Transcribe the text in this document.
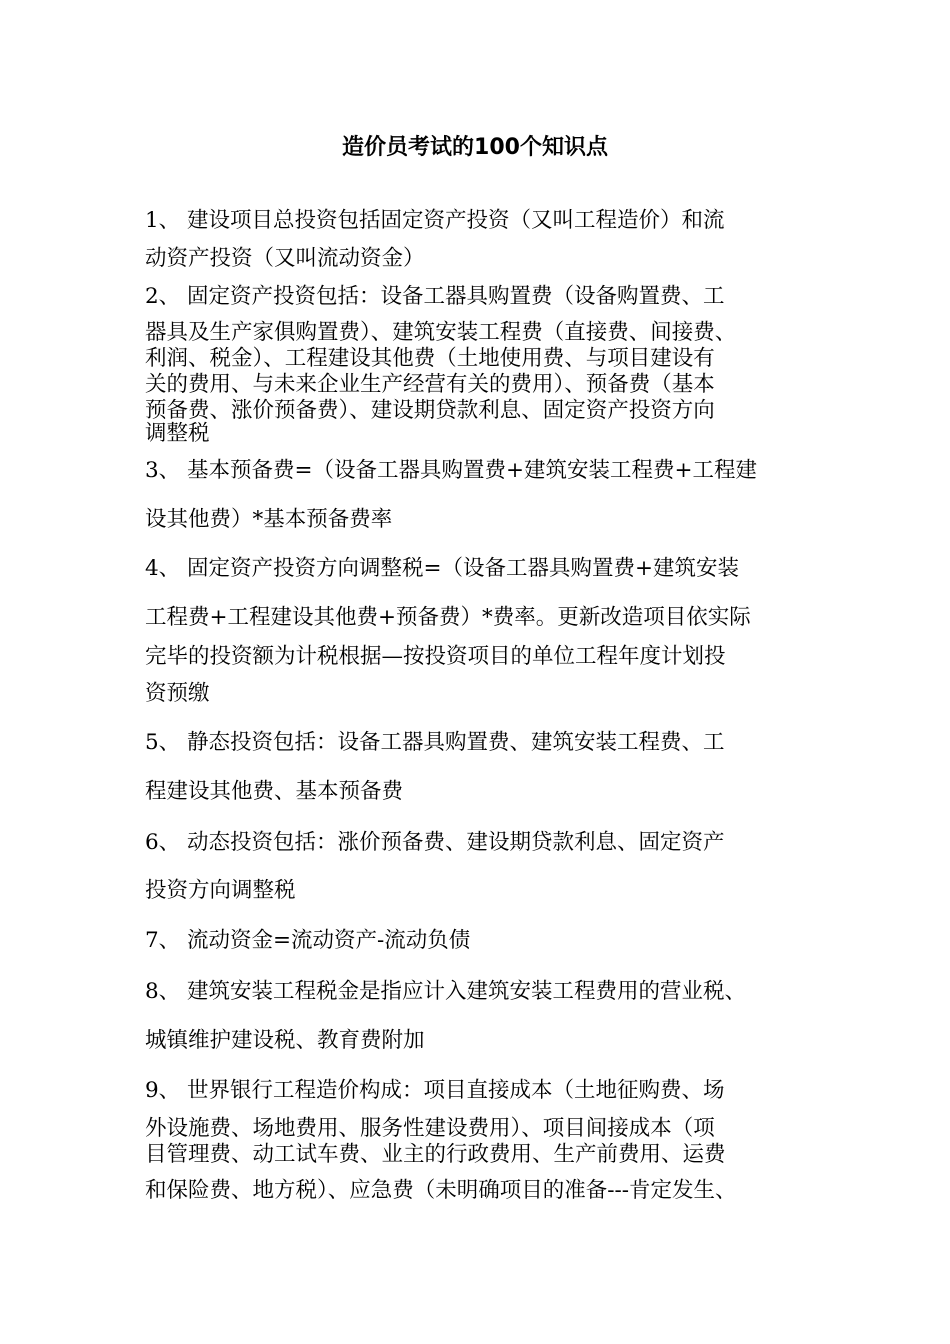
造价员考试的100个知识点
1、 建设项目总投资包括固定资产投资（又叫工程造价）和流
动资产投资（又叫流动资金）
2、 固定资产投资包括：设备工器具购置费（设备购置费、工
器具及生产家俱购置费）、建筑安装工程费（直接费、间接费、
利润、税金）、工程建设其他费（土地使用费、与项目建设有
关的费用、与未来企业生产经营有关的费用）、预备费（基本
预备费、涨价预备费）、建设期贷款利息、固定资产投资方向
调整税
3、 基本预备费=（设备工器具购置费+建筑安装工程费+工程建
设其他费）*基本预备费率
4、 固定资产投资方向调整税=（设备工器具购置费+建筑安装
工程费+工程建设其他费+预备费）*费率。更新改造项目依实际
完毕的投资额为计税根据—按投资项目的单位工程年度计划投
资预缴
5、 静态投资包括：设备工器具购置费、建筑安装工程费、工
程建设其他费、基本预备费
6、 动态投资包括：涨价预备费、建设期贷款利息、固定资产
投资方向调整税
7、 流动资金=流动资产-流动负债
8、 建筑安装工程税金是指应计入建筑安装工程费用的营业税、
城镇维护建设税、教育费附加
9、 世界银行工程造价构成：项目直接成本（土地征购费、场
外设施费、场地费用、服务性建设费用）、项目间接成本（项
目管理费、动工试车费、业主的行政费用、生产前费用、运费
和保险费、地方税）、应急费（未明确项目的准备---肯定发生、
